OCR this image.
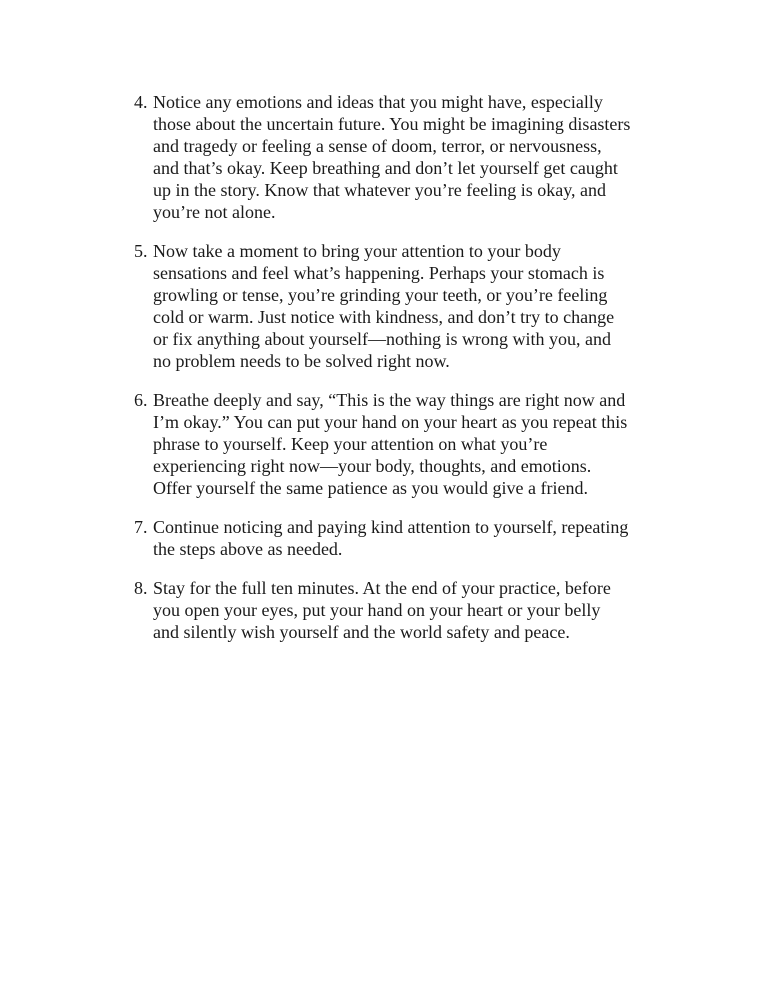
4. Notice any emotions and ideas that you might have, especially
those about the uncertain future. You might be imagining disasters
and tragedy or feeling a sense of doom, terror, or nervousness,
and that’s okay. Keep breathing and don’t let yourself get caught
up in the story. Know that whatever you’re feeling is okay, and
you’re not alone.
5. Now take a moment to bring your attention to your body
sensations and feel what’s happening. Perhaps your stomach is
growling or tense, you’re grinding your teeth, or you’re feeling
cold or warm. Just notice with kindness, and don’t try to change
or fix anything about yourself—nothing is wrong with you, and
no problem needs to be solved right now.
6. Breathe deeply and say, “This is the way things are right now and
I’m okay.” You can put your hand on your heart as you repeat this
phrase to yourself. Keep your attention on what you’re
experiencing right now—your body, thoughts, and emotions.
Offer yourself the same patience as you would give a friend.
7. Continue noticing and paying kind attention to yourself, repeating
the steps above as needed.
8. Stay for the full ten minutes. At the end of your practice, before
you open your eyes, put your hand on your heart or your belly
and silently wish yourself and the world safety and peace.
